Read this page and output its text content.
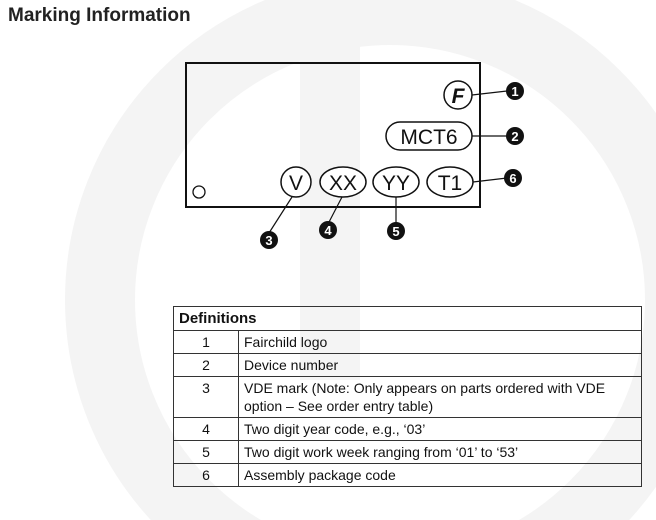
Marking Information
F
MCT6
V XX YY T1
1
2
3
4	5
6
Definitions	
1	Fairchild logo
2	Device number
3	VDE mark (Note: Only appears on parts ordered with VDE option – See order entry table)
4	Two digit year code, e.g., ‘03’
5	Two digit work week ranging from ‘01’ to ‘53’
6	Assembly package code
